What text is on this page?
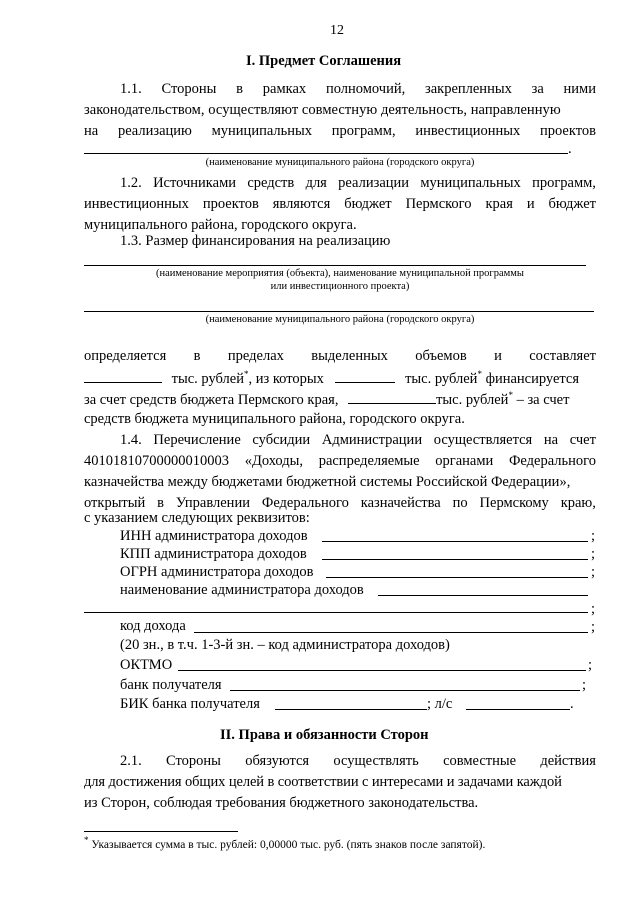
12
I. Предмет Соглашения
1.1. Стороны в рамках полномочий, закрепленных за ними
законодательством, осуществляют совместную деятельность, направленную
на реализацию муниципальных программ, инвестиционных проектов
.
(наименование муниципального района (городского округа)
1.2. Источниками средств для реализации муниципальных программ,
инвестиционных проектов являются бюджет Пермского края и бюджет
муниципального района, городского округа.
1.3. Размер финансирования на реализацию
(наименование мероприятия (объекта), наименование муниципальной программы
или инвестиционного проекта)
(наименование муниципального района (городского округа)
определяется в пределах выделенных объемов и составляет
тыс. рублей*, из которых	тыс. рублей* финансируется
за счет средств бюджета Пермского края,	тыс. рублей* – за счет
средств бюджета муниципального района, городского округа.
1.4. Перечисление субсидии Администрации осуществляется на счет
40101810700000010003 «Доходы, распределяемые органами Федерального
казначейства между бюджетами бюджетной системы Российской Федерации»,
открытый в Управлении Федерального казначейства по Пермскому краю,
с указанием следующих реквизитов:
ИНН администратора доходов	;
КПП администратора доходов	;
ОГРН администратора доходов	;
наименование администратора доходов
;
код дохода	;
(20 зн., в т.ч. 1-3-й зн. – код администратора доходов)
ОКТМО	;
банк получателя	;
БИК банка получателя	; л/с	.
II. Права и обязанности Сторон
2.1. Стороны обязуются осуществлять совместные действия
для достижения общих целей в соответствии с интересами и задачами каждой
из Сторон, соблюдая требования бюджетного законодательства.
* Указывается сумма в тыс. рублей: 0,00000 тыс. руб. (пять знаков после запятой).
